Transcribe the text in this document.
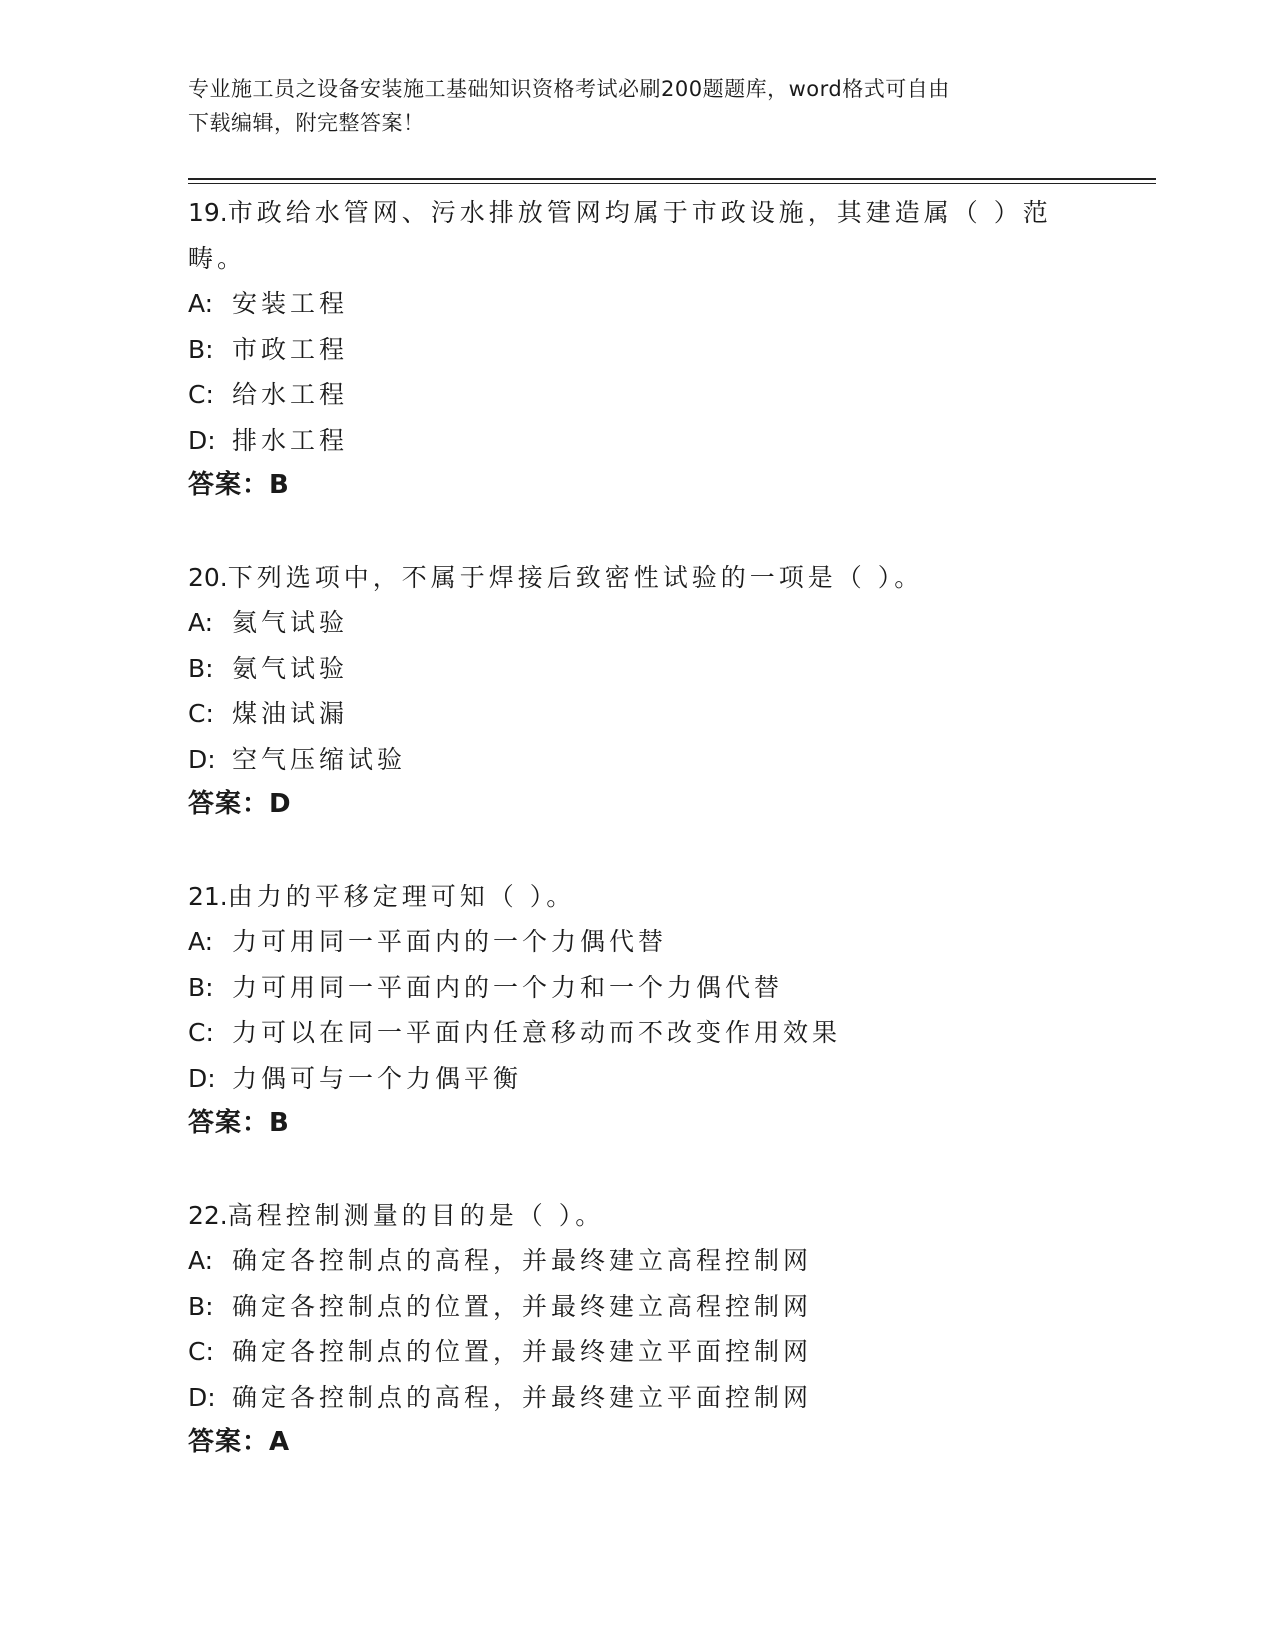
专业施工员之设备安装施工基础知识资格考试必刷200题题库，word格式可自由
下载编辑，附完整答案！
19.市政给水管网、污水排放管网均属于市政设施，其建造属（ ）范
畴。
A: 安装工程
B: 市政工程
C: 给水工程
D: 排水工程
答案：B
20.下列选项中，不属于焊接后致密性试验的一项是（ ）。
A: 氦气试验
B: 氨气试验
C: 煤油试漏
D: 空气压缩试验
答案：D
21.由力的平移定理可知（ ）。
A: 力可用同一平面内的一个力偶代替
B: 力可用同一平面内的一个力和一个力偶代替
C: 力可以在同一平面内任意移动而不改变作用效果
D: 力偶可与一个力偶平衡
答案：B
22.高程控制测量的目的是（ ）。
A: 确定各控制点的高程，并最终建立高程控制网
B: 确定各控制点的位置，并最终建立高程控制网
C: 确定各控制点的位置，并最终建立平面控制网
D: 确定各控制点的高程，并最终建立平面控制网
答案：A
